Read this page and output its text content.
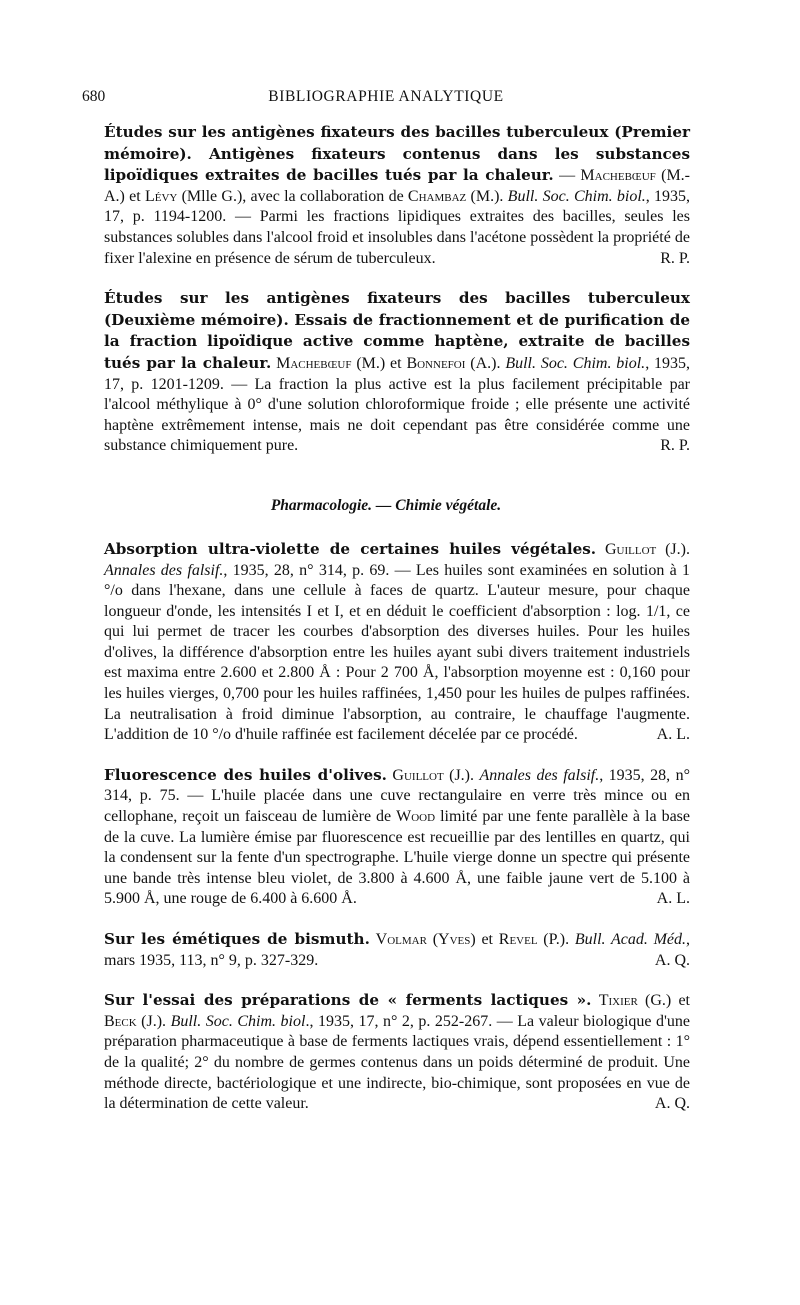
680	BIBLIOGRAPHIE ANALYTIQUE

Études sur les antigènes fixateurs des bacilles tuberculeux (Premier mémoire). Antigènes fixateurs contenus dans les substances lipoïdiques extraites de bacilles tués par la chaleur. — Machebœuf (M.-A.) et Lévy (Mlle G.), avec la collaboration de Chambaz (M.). Bull. Soc. Chim. biol., 1935, 17, p. 1194-1200. — Parmi les fractions lipidiques extraites des bacilles, seules les substances solubles dans l'alcool froid et insolubles dans l'acétone possèdent la propriété de fixer l'alexine en présence de sérum de tuberculeux.	R. P.

Études sur les antigènes fixateurs des bacilles tuberculeux (Deuxième mémoire). Essais de fractionnement et de purification de la fraction lipoïdique active comme haptène, extraite de bacilles tués par la chaleur. Machebœuf (M.) et Bonnefoi (A.). Bull. Soc. Chim. biol., 1935, 17, p. 1201-1209. — La fraction la plus active est la plus facilement précipitable par l'alcool méthylique à 0° d'une solution chloroformique froide ; elle présente une activité haptène extrêmement intense, mais ne doit cependant pas être considérée comme une substance chimiquement pure.	R. P.

Pharmacologie. — Chimie végétale.

Absorption ultra-violette de certaines huiles végétales. Guillot (J.). Annales des falsif., 1935, 28, n° 314, p. 69. — Les huiles sont examinées en solution à 1 °/o dans l'hexane, dans une cellule à faces de quartz. L'auteur mesure, pour chaque longueur d'onde, les intensités I et I, et en déduit le coefficient d'absorption : log. 1/1, ce qui lui permet de tracer les courbes d'absorption des diverses huiles. Pour les huiles d'olives, la différence d'absorption entre les huiles ayant subi divers traitement industriels est maxima entre 2.600 et 2.800 Å : Pour 2 700 Å, l'absorption moyenne est : 0,160 pour les huiles vierges, 0,700 pour les huiles raffinées, 1,450 pour les huiles de pulpes raffinées. La neutralisation à froid diminue l'absorption, au contraire, le chauffage l'augmente. L'addition de 10 °/o d'huile raffinée est facilement décelée par ce procédé.	A. L.

Fluorescence des huiles d'olives. Guillot (J.). Annales des falsif., 1935, 28, n° 314, p. 75. — L'huile placée dans une cuve rectangulaire en verre très mince ou en cellophane, reçoit un faisceau de lumière de Wood limité par une fente parallèle à la base de la cuve. La lumière émise par fluorescence est recueillie par des lentilles en quartz, qui la condensent sur la fente d'un spectrographe. L'huile vierge donne un spectre qui présente une bande très intense bleu violet, de 3.800 à 4.600 Å, une faible jaune vert de 5.100 à 5.900 Å, une rouge de 6.400 à 6.600 Å.	A. L.

Sur les émétiques de bismuth. Volmar (Yves) et Revel (P.). Bull. Acad. Méd., mars 1935, 113, n° 9, p. 327-329.	A. Q.

Sur l'essai des préparations de « ferments lactiques ». Tixier (G.) et Beck (J.). Bull. Soc. Chim. biol., 1935, 17, n° 2, p. 252-267. — La valeur biologique d'une préparation pharmaceutique à base de ferments lactiques vrais, dépend essentiellement : 1° de la qualité; 2° du nombre de germes contenus dans un poids déterminé de produit. Une méthode directe, bactériologique et une indirecte, bio-chimique, sont proposées en vue de la détermination de cette valeur.	A. Q.
